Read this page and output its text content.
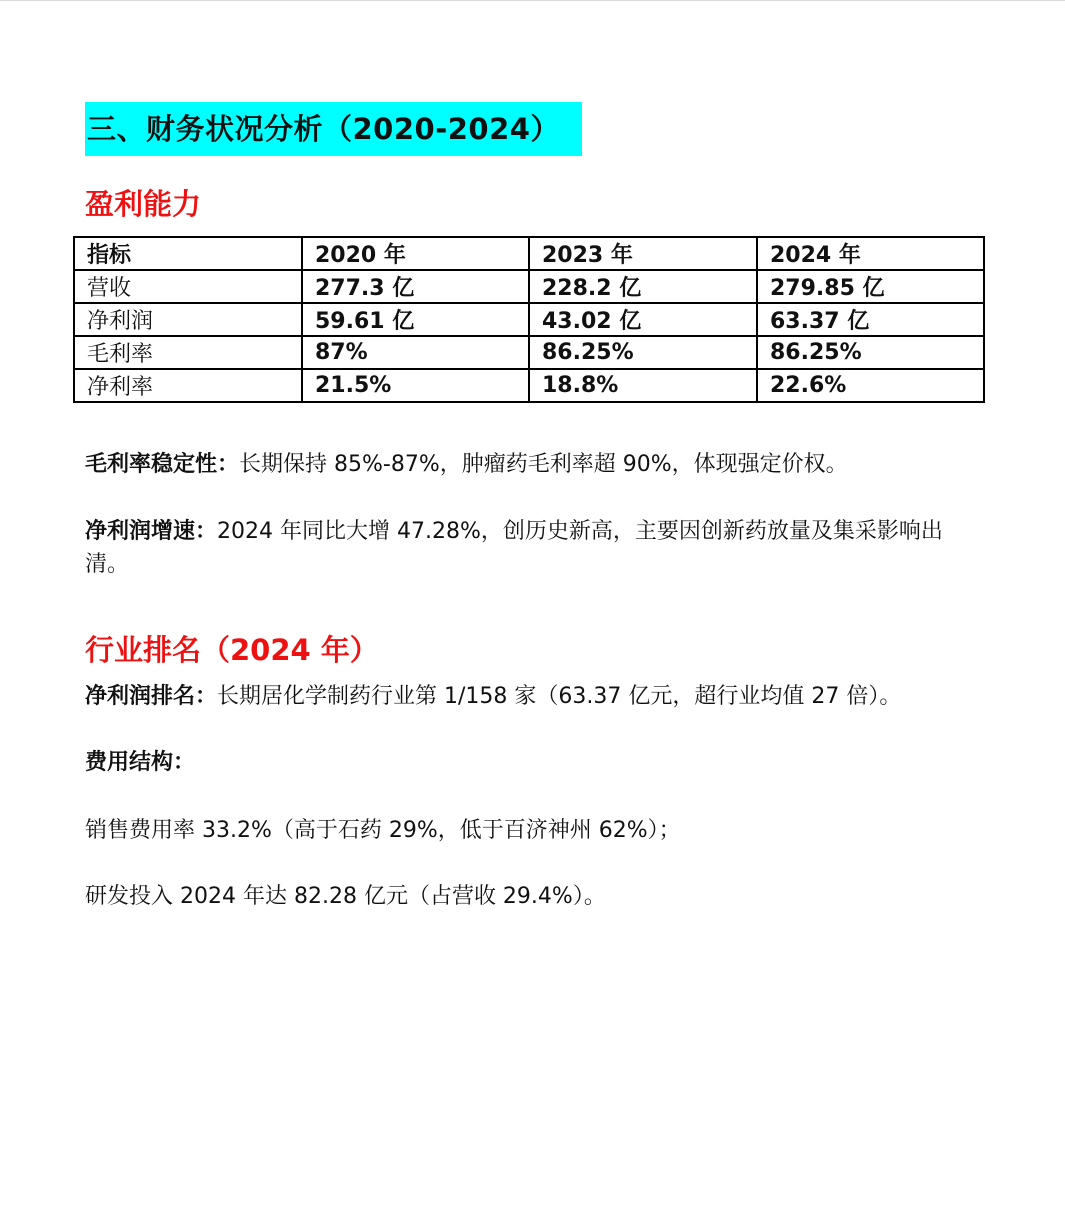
三、财务状况分析（2020-2024）
盈利能力
指标	2020 年	2023 年	2024 年
营收	277.3 亿	228.2 亿	279.85 亿
净利润	59.61 亿	43.02 亿	63.37 亿
毛利率	87%	86.25%	86.25%
净利率	21.5%	18.8%	22.6%
毛利率稳定性：长期保持 85%-87%，肿瘤药毛利率超 90%，体现强定价权。
净利润增速：2024 年同比大增 47.28%，创历史新高，主要因创新药放量及集采影响出清。
行业排名（2024 年）
净利润排名：长期居化学制药行业第 1/158 家（63.37 亿元，超行业均值 27 倍）。
费用结构：
销售费用率 33.2%（高于石药 29%，低于百济神州 62%）；
研发投入 2024 年达 82.28 亿元（占营收 29.4%）。
